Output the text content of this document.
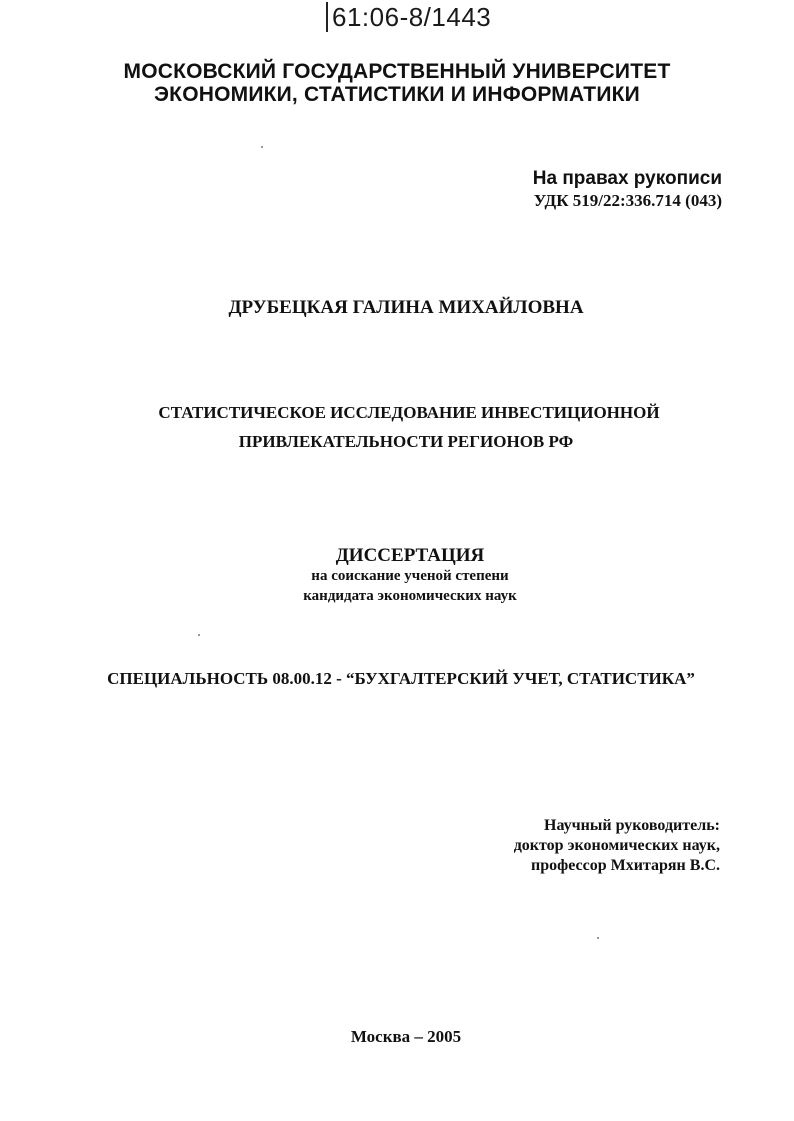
61:06-8/1443
МОСКОВСКИЙ ГОСУДАРСТВЕННЫЙ УНИВЕРСИТЕТ
ЭКОНОМИКИ, СТАТИСТИКИ И ИНФОРМАТИКИ
На правах рукописи
УДК 519/22:336.714 (043)
ДРУБЕЦКАЯ ГАЛИНА МИХАЙЛОВНА
СТАТИСТИЧЕСКОЕ ИССЛЕДОВАНИЕ ИНВЕСТИЦИОННОЙ
ПРИВЛЕКАТЕЛЬНОСТИ РЕГИОНОВ РФ
ДИССЕРТАЦИЯ
на соискание ученой степени
кандидата экономических наук
СПЕЦИАЛЬНОСТЬ 08.00.12 - “БУХГАЛТЕРСКИЙ УЧЕТ, СТАТИСТИКА”
Научный руководитель:
доктор экономических наук,
профессор Мхитарян В.С.
Москва – 2005
